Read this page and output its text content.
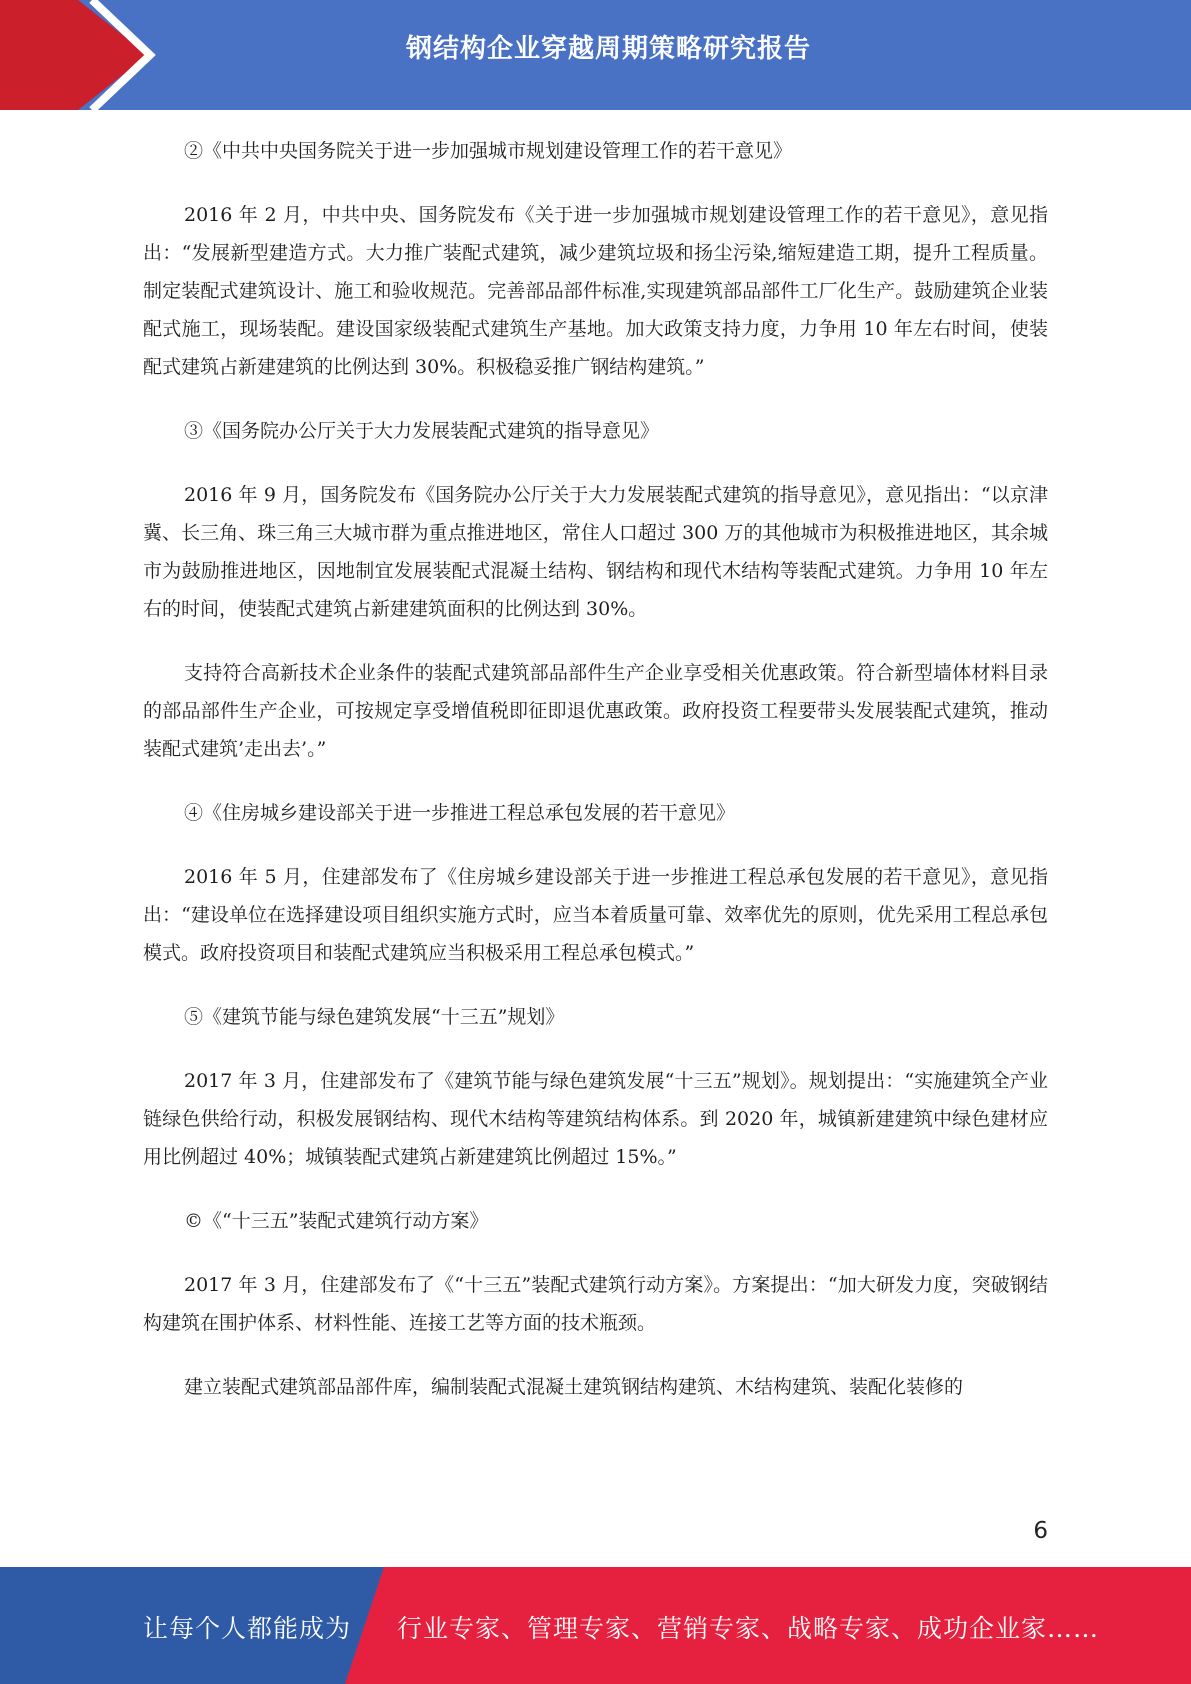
钢结构企业穿越周期策略研究报告
②《中共中央国务院关于进一步加强城市规划建设管理工作的若干意见》
2016 年 2 月，中共中央、国务院发布《关于进一步加强城市规划建设管理工作的若干意见》，意见指出：“发展新型建造方式。大力推广装配式建筑，减少建筑垃圾和扬尘污染,缩短建造工期，提升工程质量。制定装配式建筑设计、施工和验收规范。完善部品部件标准,实现建筑部品部件工厂化生产。鼓励建筑企业装配式施工，现场装配。建设国家级装配式建筑生产基地。加大政策支持力度，力争用 10 年左右时间，使装配式建筑占新建建筑的比例达到 30%。积极稳妥推广钢结构建筑。”
③《国务院办公厅关于大力发展装配式建筑的指导意见》
2016 年 9 月，国务院发布《国务院办公厅关于大力发展装配式建筑的指导意见》，意见指出：“以京津冀、长三角、珠三角三大城市群为重点推进地区，常住人口超过 300 万的其他城市为积极推进地区，其余城市为鼓励推进地区，因地制宜发展装配式混凝土结构、钢结构和现代木结构等装配式建筑。力争用 10 年左右的时间，使装配式建筑占新建建筑面积的比例达到 30%。
支持符合高新技术企业条件的装配式建筑部品部件生产企业享受相关优惠政策。符合新型墙体材料目录的部品部件生产企业，可按规定享受增值税即征即退优惠政策。政府投资工程要带头发展装配式建筑，推动装配式建筑’走出去’。”
④《住房城乡建设部关于进一步推进工程总承包发展的若干意见》
2016 年 5 月，住建部发布了《住房城乡建设部关于进一步推进工程总承包发展的若干意见》，意见指出：“建设单位在选择建设项目组织实施方式时，应当本着质量可靠、效率优先的原则，优先采用工程总承包模式。政府投资项目和装配式建筑应当积极采用工程总承包模式。”
⑤《建筑节能与绿色建筑发展“十三五”规划》
2017 年 3 月，住建部发布了《建筑节能与绿色建筑发展“十三五”规划》。规划提出：“实施建筑全产业链绿色供给行动，积极发展钢结构、现代木结构等建筑结构体系。到 2020 年，城镇新建建筑中绿色建材应用比例超过 40%；城镇装配式建筑占新建建筑比例超过 15%。”
©《“十三五”装配式建筑行动方案》
2017 年 3 月，住建部发布了《“十三五”装配式建筑行动方案》。方案提出：“加大研发力度，突破钢结构建筑在围护体系、材料性能、连接工艺等方面的技术瓶颈。
建立装配式建筑部品部件库，编制装配式混凝土建筑钢结构建筑、木结构建筑、装配化装修的
6
让每个人都能成为 行业专家、管理专家、营销专家、战略专家、成功企业家……
